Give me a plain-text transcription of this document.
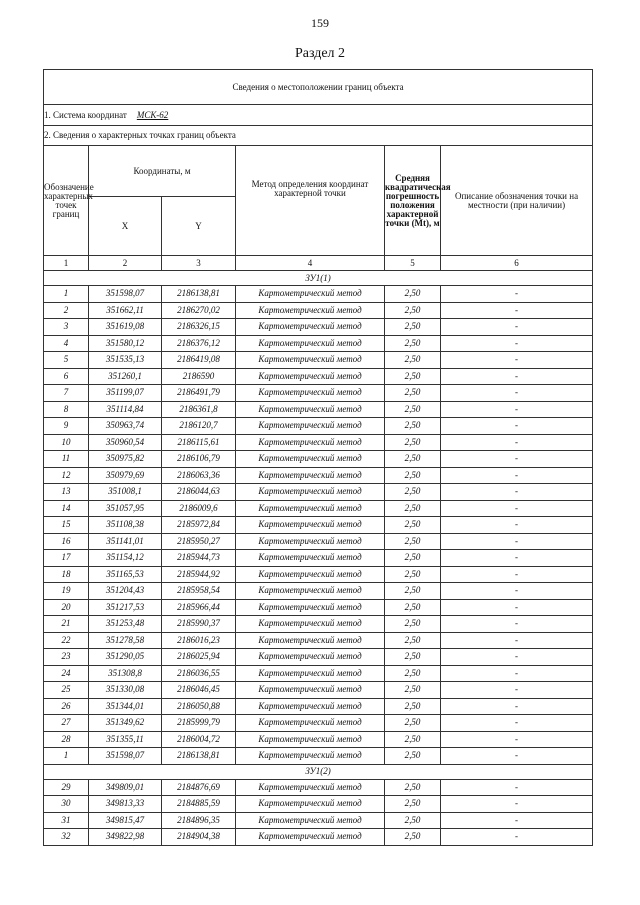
159
Раздел 2
Сведения о местоположении границ объекта					
1. Система координат МСК-62					
2. Сведения о характерных точках границ объекта					
Обозначение характерных точек границ	Координаты, м		Метод определения координат характерной точки	Средняя квадратическая погрешность положения характерной точки (Mt), м	Описание обозначения точки на местности (при наличии)
	X	Y			
1	2	3	4	5	6
ЗУ1(1)					
1	351598,07	2186138,81	Картометрический метод	2,50	-
2	351662,11	2186270,02	Картометрический метод	2,50	-
3	351619,08	2186326,15	Картометрический метод	2,50	-
4	351580,12	2186376,12	Картометрический метод	2,50	-
5	351535,13	2186419,08	Картометрический метод	2,50	-
6	351260,1	2186590	Картометрический метод	2,50	-
7	351199,07	2186491,79	Картометрический метод	2,50	-
8	351114,84	2186361,8	Картометрический метод	2,50	-
9	350963,74	2186120,7	Картометрический метод	2,50	-
10	350960,54	2186115,61	Картометрический метод	2,50	-
11	350975,82	2186106,79	Картометрический метод	2,50	-
12	350979,69	2186063,36	Картометрический метод	2,50	-
13	351008,1	2186044,63	Картометрический метод	2,50	-
14	351057,95	2186009,6	Картометрический метод	2,50	-
15	351108,38	2185972,84	Картометрический метод	2,50	-
16	351141,01	2185950,27	Картометрический метод	2,50	-
17	351154,12	2185944,73	Картометрический метод	2,50	-
18	351165,53	2185944,92	Картометрический метод	2,50	-
19	351204,43	2185958,54	Картометрический метод	2,50	-
20	351217,53	2185966,44	Картометрический метод	2,50	-
21	351253,48	2185990,37	Картометрический метод	2,50	-
22	351278,58	2186016,23	Картометрический метод	2,50	-
23	351290,05	2186025,94	Картометрический метод	2,50	-
24	351308,8	2186036,55	Картометрический метод	2,50	-
25	351330,08	2186046,45	Картометрический метод	2,50	-
26	351344,01	2186050,88	Картометрический метод	2,50	-
27	351349,62	2185999,79	Картометрический метод	2,50	-
28	351355,11	2186004,72	Картометрический метод	2,50	-
1	351598,07	2186138,81	Картометрический метод	2,50	-
ЗУ1(2)					
29	349809,01	2184876,69	Картометрический метод	2,50	-
30	349813,33	2184885,59	Картометрический метод	2,50	-
31	349815,47	2184896,35	Картометрический метод	2,50	-
32	349822,98	2184904,38	Картометрический метод	2,50	-
